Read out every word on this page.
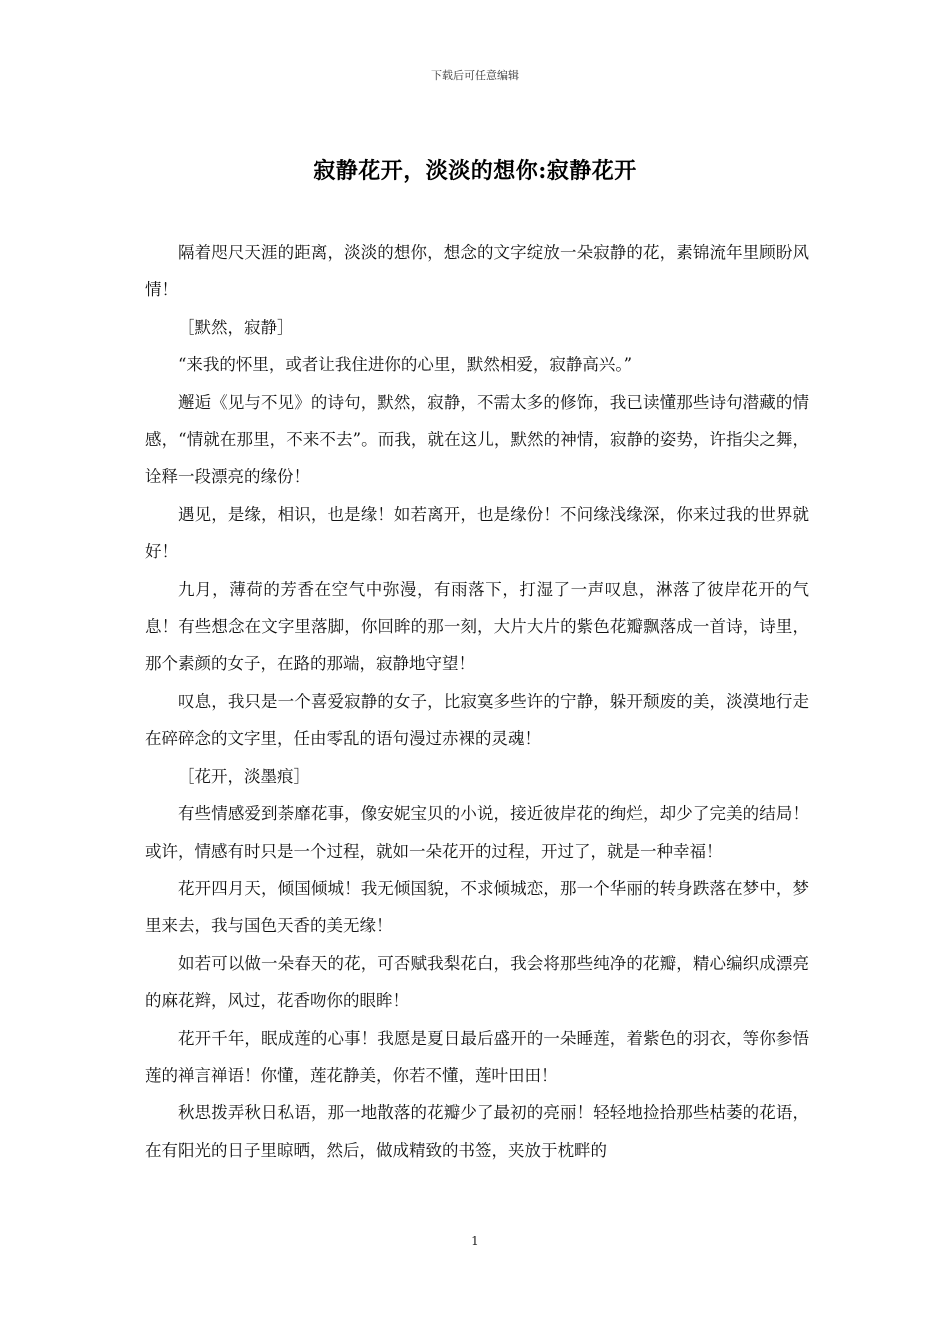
下载后可任意编辑
寂静花开，淡淡的想你:寂静花开

隔着咫尺天涯的距离，淡淡的想你，想念的文字绽放一朵寂静的花，素锦流年里顾盼风情！

［默然，寂静］

“来我的怀里，或者让我住进你的心里，默然相爱，寂静高兴。”

邂逅《见与不见》的诗句，默然，寂静，不需太多的修饰，我已读懂那些诗句潜藏的情感，“情就在那里，不来不去”。而我，就在这儿，默然的神情，寂静的姿势，许指尖之舞，诠释一段漂亮的缘份！

遇见，是缘，相识，也是缘！如若离开，也是缘份！不问缘浅缘深，你来过我的世界就好！

九月，薄荷的芳香在空气中弥漫，有雨落下，打湿了一声叹息，淋落了彼岸花开的气息！有些想念在文字里落脚，你回眸的那一刻，大片大片的紫色花瓣飘落成一首诗，诗里，那个素颜的女子，在路的那端，寂静地守望！

叹息，我只是一个喜爱寂静的女子，比寂寞多些许的宁静，躲开颓废的美，淡漠地行走在碎碎念的文字里，任由零乱的语句漫过赤裸的灵魂！

［花开，淡墨痕］

有些情感爱到荼靡花事，像安妮宝贝的小说，接近彼岸花的绚烂，却少了完美的结局！或许，情感有时只是一个过程，就如一朵花开的过程，开过了，就是一种幸福！

花开四月天，倾国倾城！我无倾国貌，不求倾城恋，那一个华丽的转身跌落在梦中，梦里来去，我与国色天香的美无缘！

如若可以做一朵春天的花，可否赋我梨花白，我会将那些纯净的花瓣，精心编织成漂亮的麻花辫，风过，花香吻你的眼眸！

花开千年，眠成莲的心事！我愿是夏日最后盛开的一朵睡莲，着紫色的羽衣，等你参悟莲的禅言禅语！你懂，莲花静美，你若不懂，莲叶田田！

秋思拨弄秋日私语，那一地散落的花瓣少了最初的亮丽！轻轻地捡拾那些枯萎的花语，在有阳光的日子里晾晒，然后，做成精致的书签，夹放于枕畔的

1
